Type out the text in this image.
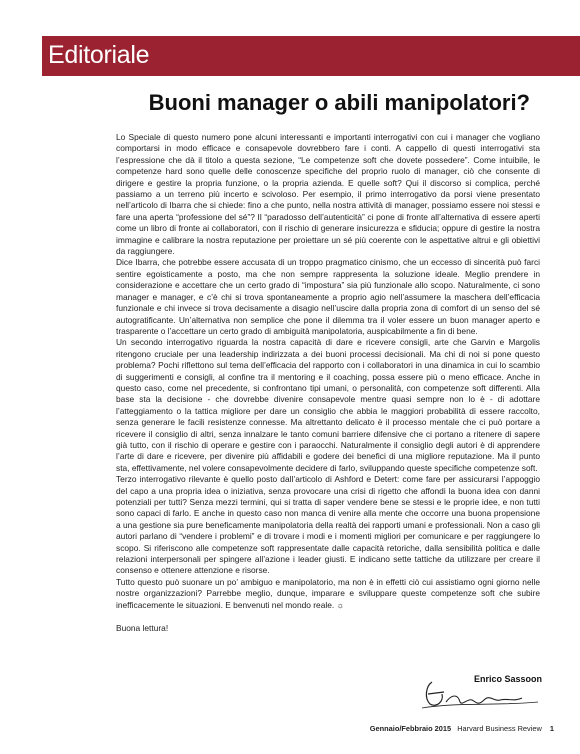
Editoriale
Buoni manager o abili manipolatori?

Lo Speciale di questo numero pone alcuni interessanti e importanti interrogativi con cui i manager che vogliano comportarsi in modo efficace e consapevole dovrebbero fare i conti. A cappello di questi interrogativi sta l’espressione che dà il titolo a questa sezione, “Le competenze soft che dovete possedere”. Come intuibile, le competenze hard sono quelle delle conoscenze specifiche del proprio ruolo di manager, ciò che consente di dirigere e gestire la propria funzione, o la propria azienda. E quelle soft? Qui il discorso si complica, perché passiamo a un terreno più incerto e scivoloso. Per esempio, il primo interrogativo da porsi viene presentato nell’articolo di Ibarra che si chiede: fino a che punto, nella nostra attività di manager, possiamo essere noi stessi e fare una aperta “professione del sé”? Il “paradosso dell’autenticità” ci pone di fronte all’alternativa di essere aperti come un libro di fronte ai collaboratori, con il rischio di generare insicurezza e sfiducia; oppure di gestire la nostra immagine e calibrare la nostra reputazione per proiettare un sé più coerente con le aspettative altrui e gli obiettivi da raggiungere.

Dice Ibarra, che potrebbe essere accusata di un troppo pragmatico cinismo, che un eccesso di sincerità può farci sentire egoisticamente a posto, ma che non sempre rappresenta la soluzione ideale. Meglio prendere in considerazione e accettare che un certo grado di “impostura” sia più funzionale allo scopo. Naturalmente, ci sono manager e manager, e c’è chi si trova spontaneamente a proprio agio nell’assumere la maschera dell’efficacia funzionale e chi invece si trova decisamente a disagio nell’uscire dalla propria zona di comfort di un senso del sé autogratificante. Un’alternativa non semplice che pone il dilemma tra il voler essere un buon manager aperto e trasparente o l’accettare un certo grado di ambiguità manipolatoria, auspicabilmente a fin di bene.

Un secondo interrogativo riguarda la nostra capacità di dare e ricevere consigli, arte che Garvin e Margolis ritengono cruciale per una leadership indirizzata a dei buoni processi decisionali. Ma chi di noi si pone questo problema? Pochi riflettono sul tema dell’efficacia del rapporto con i collaboratori in una dinamica in cui lo scambio di suggerimenti e consigli, al confine tra il mentoring e il coaching, possa essere più o meno efficace. Anche in questo caso, come nel precedente, si confrontano tipi umani, o personalità, con competenze soft differenti. Alla base sta la decisione - che dovrebbe divenire consapevole mentre quasi sempre non lo è - di adottare l’atteggiamento o la tattica migliore per dare un consiglio che abbia le maggiori probabilità di essere raccolto, senza generare le facili resistenze connesse. Ma altrettanto delicato è il processo mentale che ci può portare a ricevere il consiglio di altri, senza innalzare le tanto comuni barriere difensive che ci portano a ritenere di sapere già tutto, con il rischio di operare e gestire con i paraocchi. Naturalmente il consiglio degli autori è di apprendere l’arte di dare e ricevere, per divenire più affidabili e godere dei benefici di una migliore reputazione. Ma il punto sta, effettivamente, nel volere consapevolmente decidere di farlo, sviluppando queste specifiche competenze soft.

Terzo interrogativo rilevante è quello posto dall’articolo di Ashford e Detert: come fare per assicurarsi l’appoggio del capo a una propria idea o iniziativa, senza provocare una crisi di rigetto che affondi la buona idea con danni potenziali per tutti? Senza mezzi termini, qui si tratta di saper vendere bene se stessi e le proprie idee, e non tutti sono capaci di farlo. E anche in questo caso non manca di venire alla mente che occorre una buona propensione a una gestione sia pure beneficamente manipolatoria della realtà dei rapporti umani e professionali. Non a caso gli autori parlano di “vendere i problemi” e di trovare i modi e i momenti migliori per comunicare e per raggiungere lo scopo. Si riferiscono alle competenze soft rappresentate dalle capacità retoriche, dalla sensibilità politica e dalle relazioni interpersonali per spingere all’azione i leader giusti. E indicano sette tattiche da utilizzare per creare il consenso e ottenere attenzione e risorse.

Tutto questo può suonare un po’ ambiguo e manipolatorio, ma non è in effetti ciò cui assistiamo ogni giorno nelle nostre organizzazioni? Parrebbe meglio, dunque, imparare e sviluppare queste competenze soft che subire inefficacemente le situazioni. E benvenuti nel mondo reale. ☼

Buona lettura!

Enrico Sassoon
Gennaio/Febbraio 2015 Harvard Business Review 1
